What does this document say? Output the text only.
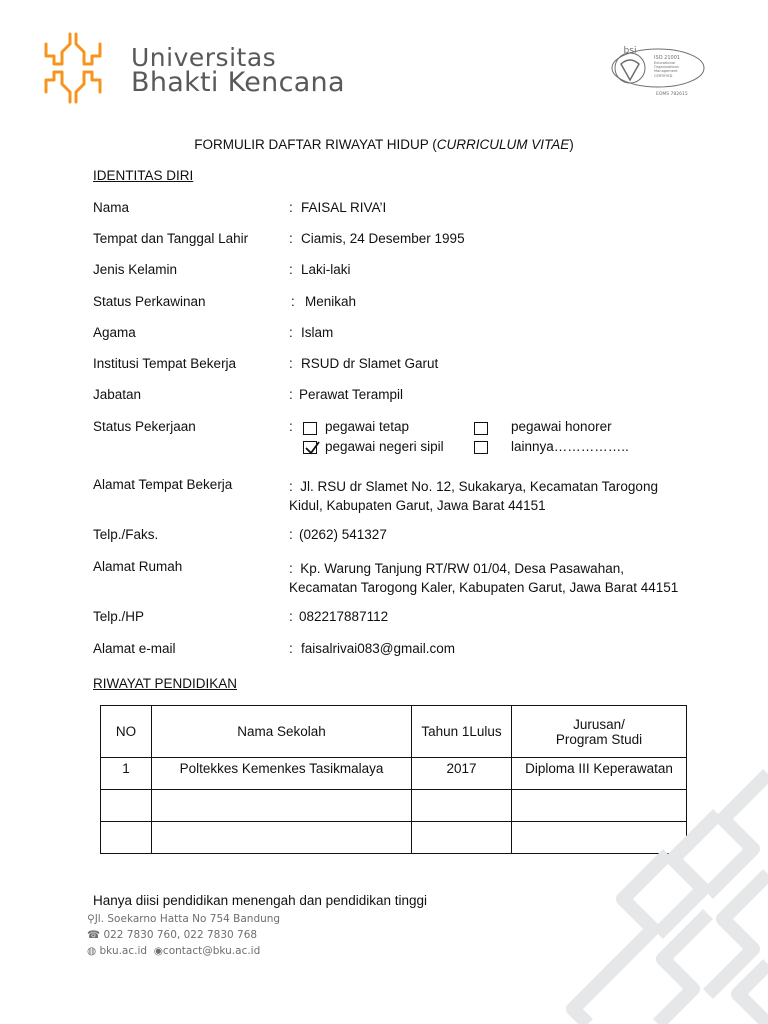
Universitas
Bhakti Kencana
bsi
ISO 21001
Educational
Organizations
Management
CERTIFIED
EOMS 782615
FORMULIR DAFTAR RIWAYAT HIDUP (CURRICULUM VITAE)
IDENTITAS DIRI
Nama	: FAISAL RIVA’I
Tempat dan Tanggal Lahir	: Ciamis, 24 Desember 1995
Jenis Kelamin	: Laki-laki
Status Perkawinan	: Menikah
Agama	: Islam
Institusi Tempat Bekerja	: RSUD dr Slamet Garut
Jabatan	: Perawat Terampil
Status Pekerjaan	: pegawai tetap	pegawai honorer
pegawai negeri sipil	lainnya……………..
Alamat Tempat Bekerja	: Jl. RSU dr Slamet No. 12, Sukakarya, Kecamatan Tarogong Kidul, Kabupaten Garut, Jawa Barat 44151
Telp./Faks.	: (0262) 541327
Alamat Rumah	: Kp. Warung Tanjung RT/RW 01/04, Desa Pasawahan, Kecamatan Tarogong Kaler, Kabupaten Garut, Jawa Barat 44151
Telp./HP	: 082217887112
Alamat e-mail	: faisalrivai083@gmail.com
RIWAYAT PENDIDIKAN
NO	Nama Sekolah	Tahun 1Lulus	Jurusan/
Program Studi

1	Poltekkes Kemenkes Tasikmalaya	2017	Diploma III Keperawatan

Hanya diisi pendidikan menengah dan pendidikan tinggi
⚲Jl. Soekarno Hatta No 754 Bandung
☎ 022 7830 760, 022 7830 768
◍ bku.ac.id ◉contact@bku.ac.id
